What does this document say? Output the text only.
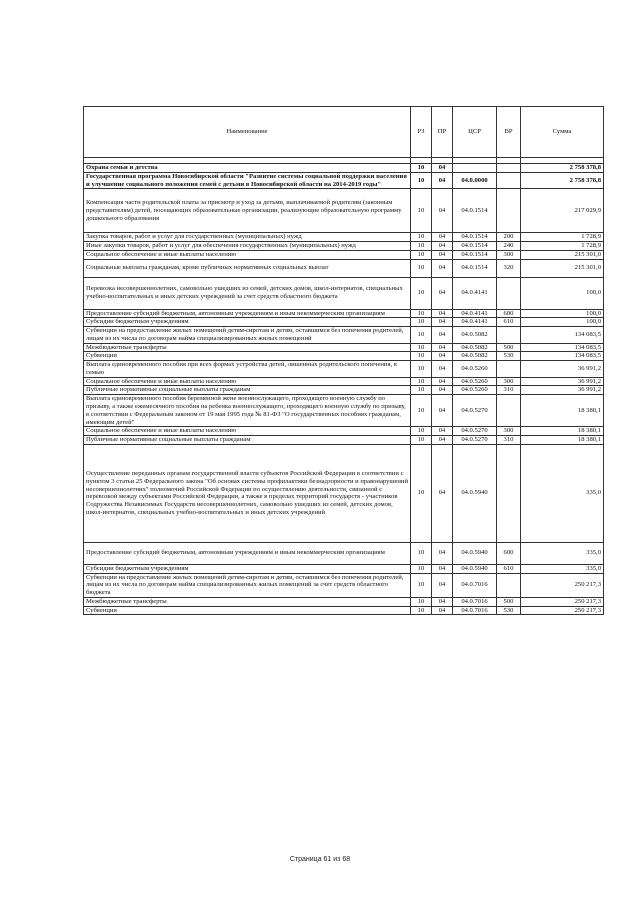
Наименование	РЗ	ПР	ЦСР	ВР	Сумма

Охрана семьи и детства	10	04			2 758 378,8
Государственная программа Новосибирской области "Развитие системы социальной поддержки населения и улучшение социального положения семей с детьми в Новосибирской области на 2014-2019 годы"	10	04	04.0.0000		2 758 378,8
Компенсация части родительской платы за присмотр и уход за детьми, выплачиваемой родителям (законным представителям) детей, посещающих образовательные организации, реализующие образовательную программу дошкольного образования	10	04	04.0.1514		217 029,9
Закупка товаров, работ и услуг для государственных (муниципальных) нужд	10	04	04.0.1514	200	1 728,9
Иные закупки товаров, работ и услуг для обеспечения государственных (муниципальных) нужд	10	04	04.0.1514	240	1 728,9
Социальное обеспечение и иные выплаты населению	10	04	04.0.1514	300	215 301,0
Социальные выплаты гражданам, кроме публичных нормативных социальных выплат	10	04	04.0.1514	320	215 301,0
Перевозка несовершеннолетних, самовольно ушедших из семей, детских домов, школ-интернатов, специальных учебно-воспитательных и иных детских учреждений за счет средств областного бюджета	10	04	04.0.4141		100,0
Предоставление субсидий бюджетным, автономным учреждениям и иным некоммерческим организациям	10	04	04.0.4141	600	100,0
Субсидии бюджетным учреждениям	10	04	04.0.4141	610	100,0
Субвенции на предоставление жилых помещений детям-сиротам и детям, оставшимся без попечения родителей, лицам из их числа по договорам найма специализированных жилых помещений	10	04	04.0.5082		134 083,5
Межбюджетные трансферты	10	04	04.0.5082	500	134 083,5
Субвенции	10	04	04.0.5082	530	134 083,5
Выплата единовременного пособия при всех формах устройства детей, лишенных родительского попечения, в семью	10	04	04.0.5260		36 991,2
Социальное обеспечение и иные выплаты населению	10	04	04.0.5260	300	36 991,2
Публичные нормативные социальные выплаты гражданам	10	04	04.0.5260	310	36 991,2
Выплата единовременного пособия беременной жене военнослужащего, проходящего военную службу по призыву, а также ежемесячного пособия на ребенка военнослужащего, проходящего военную службу по призыву, в соответствии с Федеральным законом от 19 мая 1995 года № 81-ФЗ "О государственных пособиях гражданам, имеющим детей"	10	04	04.0.5270		18 380,1
Социальное обеспечение и иные выплаты населению	10	04	04.0.5270	300	18 380,1
Публичные нормативные социальные выплаты гражданам	10	04	04.0.5270	310	18 380,1
Осуществление переданных органам государственной власти субъектов Российской Федерации в соответствии с пунктом 3 статьи 25 Федерального закона "Об основах системы профилактики безнадзорности и правонарушений несовершеннолетних" полномочий Российской Федерации по осуществлению деятельности, связанной с перевозкой между субъектами Российской Федерации, а также в пределах территорий государств - участников Содружества Независимых Государств несовершеннолетних, самовольно ушедших из семей, детских домов, школ-интернатов, специальных учебно-воспитательных и иных детских учреждений	10	04	04.0.5940		335,0
Предоставление субсидий бюджетным, автономным учреждениям и иным некоммерческим организациям	10	04	04.0.5940	600	335,0
Субсидии бюджетным учреждениям	10	04	04.0.5940	610	335,0
Субвенции на предоставление жилых помещений детям-сиротам и детям, оставшимся без попечения родителей, лицам из их числа по договорам найма специализированных жилых помещений за счет средств областного бюджета	10	04	04.0.7016		250 217,3
Межбюджетные трансферты	10	04	04.0.7016	500	250 217,3
Субвенции	10	04	04.0.7016	530	250 217,3
Страница 61 из 68
